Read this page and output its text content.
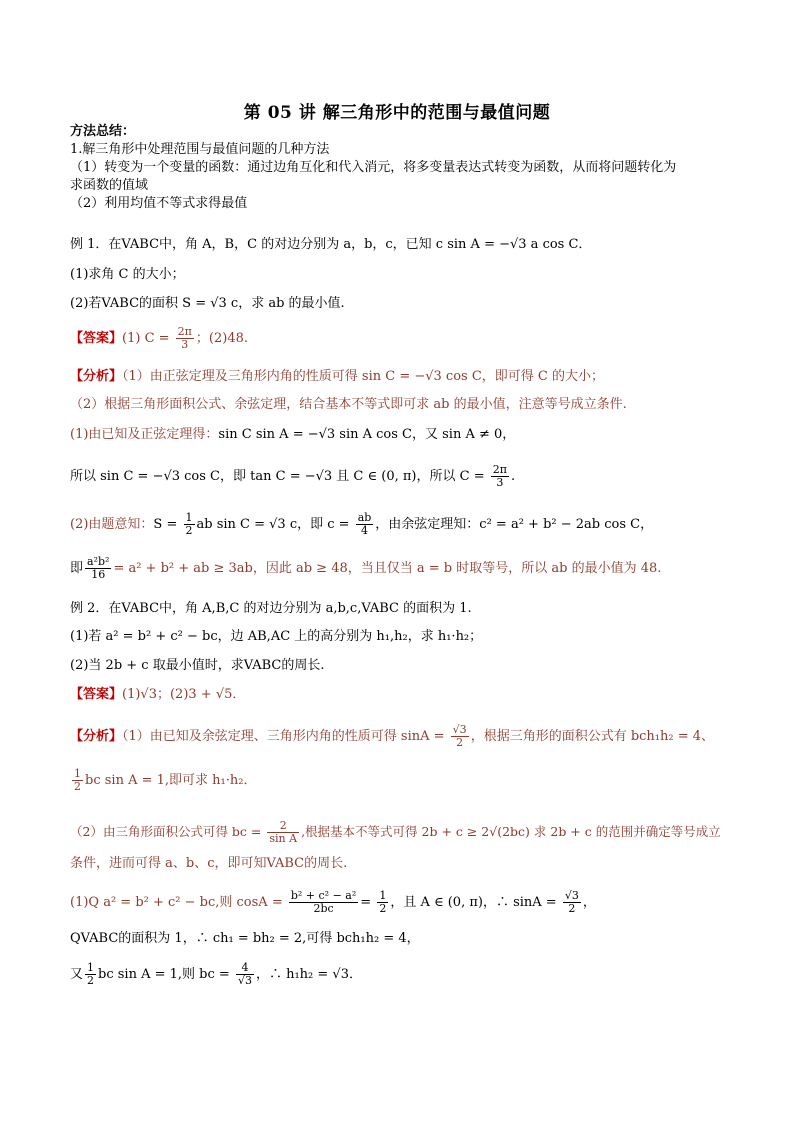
第 05 讲 解三角形中的范围与最值问题
方法总结：
1.解三角形中处理范围与最值问题的几种方法
（1）转变为一个变量的函数：通过边角互化和代入消元，将多变量表达式转变为函数，从而将问题转化为
求函数的值域
（2）利用均值不等式求得最值
例 1．在VABC中，角 A，B，C 的对边分别为 a，b，c，已知 c sin A = −√3 a cos C．
(1)求角 C 的大小；
(2)若VABC的面积 S = √3 c，求 ab 的最小值.
【答案】(1) $C = \frac{2\pi}{3}$ ；(2)48.
【分析】（1）由正弦定理及三角形内角的性质可得 sin C = −√3 cos C，即可得 C 的大小；
（2）根据三角形面积公式、余弦定理，结合基本不等式即可求 ab 的最小值，注意等号成立条件.
(1)由已知及正弦定理得：sin C sin A = −√3 sin A cos C，又 sin A ≠ 0，
所以 sin C = −√3 cos C，即 tan C = −√3 且 C ∈ (0, π)，所以 $C = \frac{2\pi}{3}$ .
(2)由题意知：$S = \frac{1}{2}$ ab sin C = √3 c，即 $c = \frac{ab}{4}$ ，由余弦定理知：c² = a² + b² − 2ab cos C，
即 $\frac{\text{a²b²}}{16} = a^2 + b^2$ + ab ≥ 3ab，因此 ab ≥ 48，当且仅当 a = b 时取等号，所以 ab 的最小值为 48.
例 2．在VABC中，角 A,B,C 的对边分别为 a,b,c,VABC 的面积为 1.
(1)若 a² = b² + c² − bc，边 AB,AC 上的高分别为 h₁,h₂，求 h₁·h₂；
(2)当 2b + c 取最小值时，求VABC的周长.
【答案】(1)√3；(2)3 + √5．
【分析】（1）由已知及余弦定理、三角形内角的性质可得 $\sin A = \frac{√3}{2}$ ，根据三角形的面积公式有 bch₁h₂ = 4、
$\frac{1}{2}$ bc sin A = 1,即可求 h₁·h₂．
（2）由三角形面积公式可得 bc = $\frac{2}{\text{sin A}}$ ,根据基本不等式可得 2b + c ≥ 2√(2bc) 求 2b + c 的范围并确定等号成立
条件，进而可得 a、b、c，即可知VABC的周长.
(1)Q a² = b² + c² − bc,则 $\cos A = \frac{\text{b² + c² − a²}}{2bc} = \frac{1}{2}$ ，且 A ∈ (0, π)，∴ $\sin A = \frac{√3}{2}$ ，
QVABC的面积为 1，∴ ch₁ = bh₂ = 2,可得 bch₁h₂ = 4，
又 $\frac{1}{2}$ bc sin A = 1,则 bc = $\frac{4}{√3}$ ，∴ h₁h₂ = √3．
